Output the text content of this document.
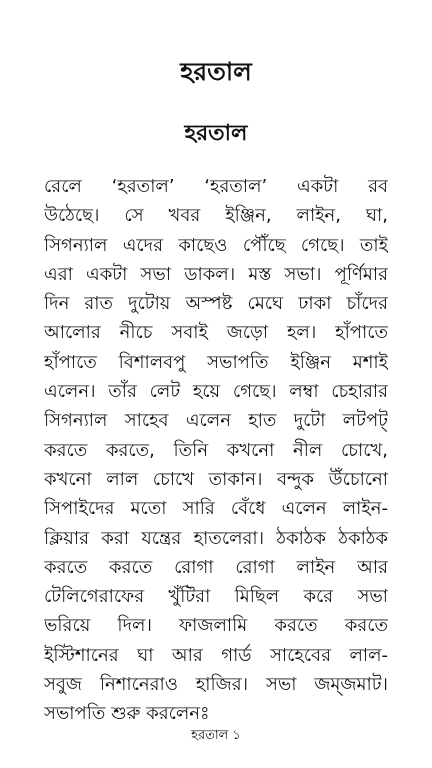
হরতাল
হরতাল
রেলে ‘হরতাল’ ‘হরতাল’ একটা রব
উঠেছে। সে খবর ইঞ্জিন, লাইন, ঘা,
সিগন্যাল এদের কাছেও পৌঁছে গেছে। তাই
এরা একটা সভা ডাকল। মস্ত সভা। পূর্ণিমার
দিন রাত দুটোয় অস্পষ্ট মেঘে ঢাকা চাঁদের
আলোর নীচে সবাই জড়ো হল। হাঁপাতে
হাঁপাতে বিশালবপু সভাপতি ইঞ্জিন মশাই
এলেন। তাঁর লেট হয়ে গেছে। লম্বা চেহারার
সিগন্যাল সাহেব এলেন হাত দুটো লটপট্
করতে করতে, তিনি কখনো নীল চোখে,
কখনো লাল চোখে তাকান। বন্দুক উঁচোনো
সিপাইদের মতো সারি বেঁধে এলেন লাইন-
ক্লিয়ার করা যন্ত্রের হাতলেরা। ঠকাঠক ঠকাঠক
করতে করতে রোগা রোগা লাইন আর
টেলিগেরাফের খুঁটিরা মিছিল করে সভা
ভরিয়ে দিল। ফাজলামি করতে করতে
ইস্টিশানের ঘা আর গার্ড সাহেবের লাল-
সবুজ নিশানেরাও হাজির। সভা জম্জমাট।
সভাপতি শুরু করলেনঃ
হরতাল ১
